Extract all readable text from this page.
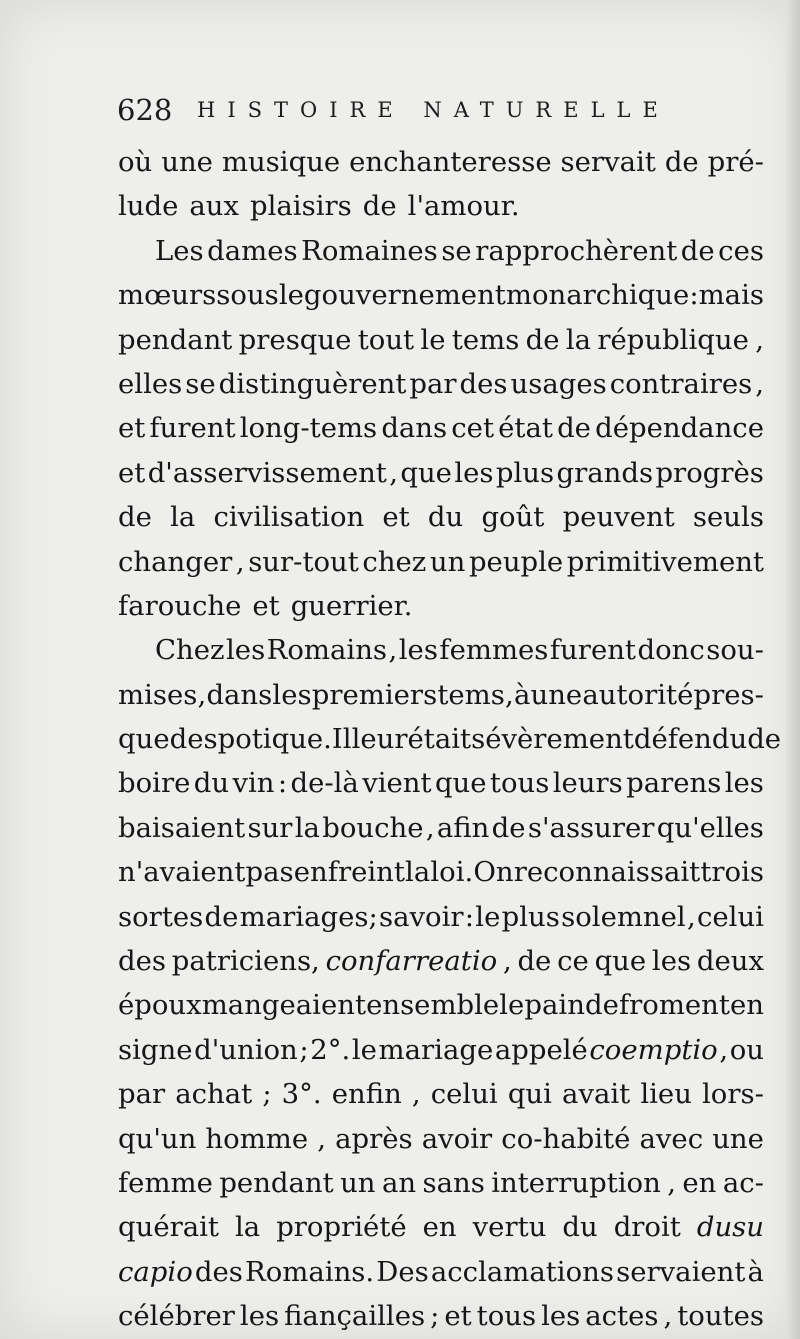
628 HISTOIRE NATURELLE
où une musique enchanteresse servait de pré-
lude aux plaisirs de l'amour.
Les dames Romaines se rapprochèrent de ces
mœurs sous le gouvernement monarchique : mais
pendant presque tout le tems de la république ,
elles se distinguèrent par des usages contraires ,
et furent long-tems dans cet état de dépendance
et d'asservissement , que les plus grands progrès
de la civilisation et du goût peuvent seuls
changer , sur-tout chez un peuple primitivement
farouche et guerrier.
Chez les Romains , les femmes furent donc sou-
mises , dans les premiers tems , à une autorité pres-
que despotique. Il leur était sévèrement défendu de
boire du vin : de-là vient que tous leurs parens les
baisaient sur la bouche , afin de s'assurer qu'elles
n'avaient pas enfreint la loi. On reconnaissait trois
sortes de mariages; savoir : le plus solemnel , celui
des patriciens, confarreatio , de ce que les deux
époux mangeaient ensemble le pain de froment en
signe d'union ; 2°. le mariage appelé coemptio , ou
par achat ; 3°. enfin , celui qui avait lieu lors-
qu'un homme , après avoir co-habité avec une
femme pendant un an sans interruption , en ac-
quérait la propriété en vertu du droit dusu
capio des Romains. Des acclamations servaient à
célébrer les fiançailles ; et tous les actes , toutes
